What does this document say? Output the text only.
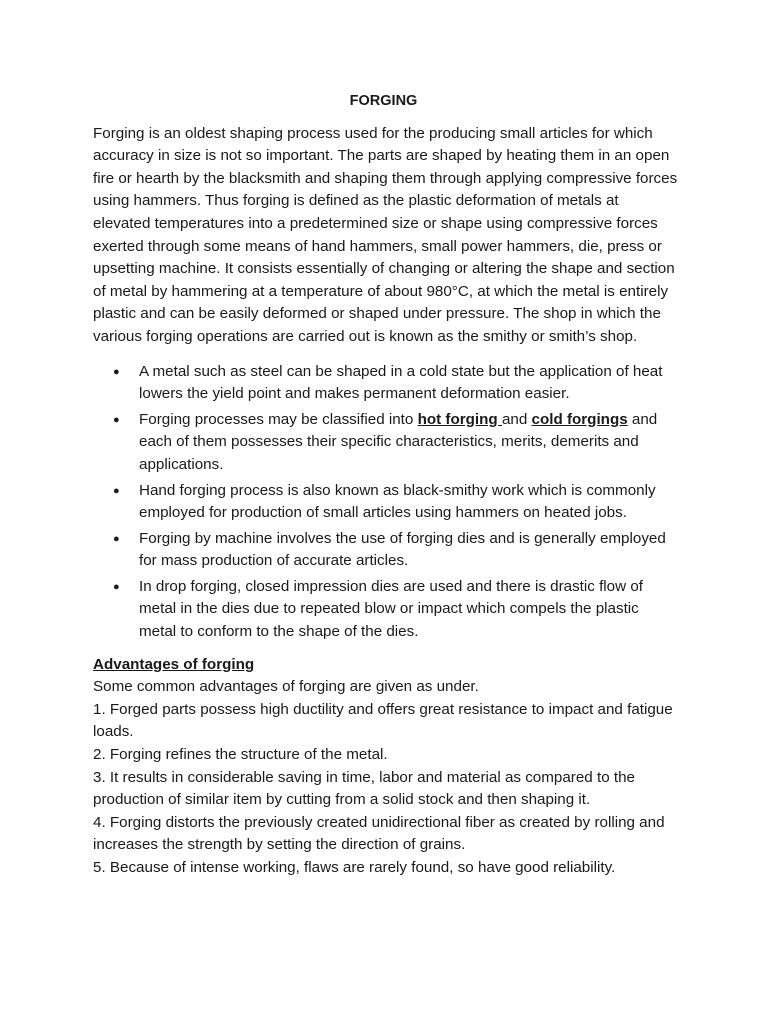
FORGING

Forging is an oldest shaping process used for the producing small articles for which accuracy in size is not so important. The parts are shaped by heating them in an open fire or hearth by the blacksmith and shaping them through applying compressive forces using hammers. Thus forging is defined as the plastic deformation of metals at elevated temperatures into a predetermined size or shape using compressive forces exerted through some means of hand hammers, small power hammers, die, press or upsetting machine. It consists essentially of changing or altering the shape and section of metal by hammering at a temperature of about 980°C, at which the metal is entirely plastic and can be easily deformed or shaped under pressure. The shop in which the various forging operations are carried out is known as the smithy or smith’s shop.

● A metal such as steel can be shaped in a cold state but the application of heat lowers the yield point and makes permanent deformation easier.
● Forging processes may be classified into hot forging and cold forgings and each of them possesses their specific characteristics, merits, demerits and applications.
● Hand forging process is also known as black-smithy work which is commonly employed for production of small articles using hammers on heated jobs.
● Forging by machine involves the use of forging dies and is generally employed for mass production of accurate articles.
● In drop forging, closed impression dies are used and there is drastic flow of metal in the dies due to repeated blow or impact which compels the plastic metal to conform to the shape of the dies.

Advantages of forging

Some common advantages of forging are given as under.

1. Forged parts possess high ductility and offers great resistance to impact and fatigue loads.

2. Forging refines the structure of the metal.

3. It results in considerable saving in time, labor and material as compared to the production of similar item by cutting from a solid stock and then shaping it.

4. Forging distorts the previously created unidirectional fiber as created by rolling and increases the strength by setting the direction of grains.

5. Because of intense working, flaws are rarely found, so have good reliability.
